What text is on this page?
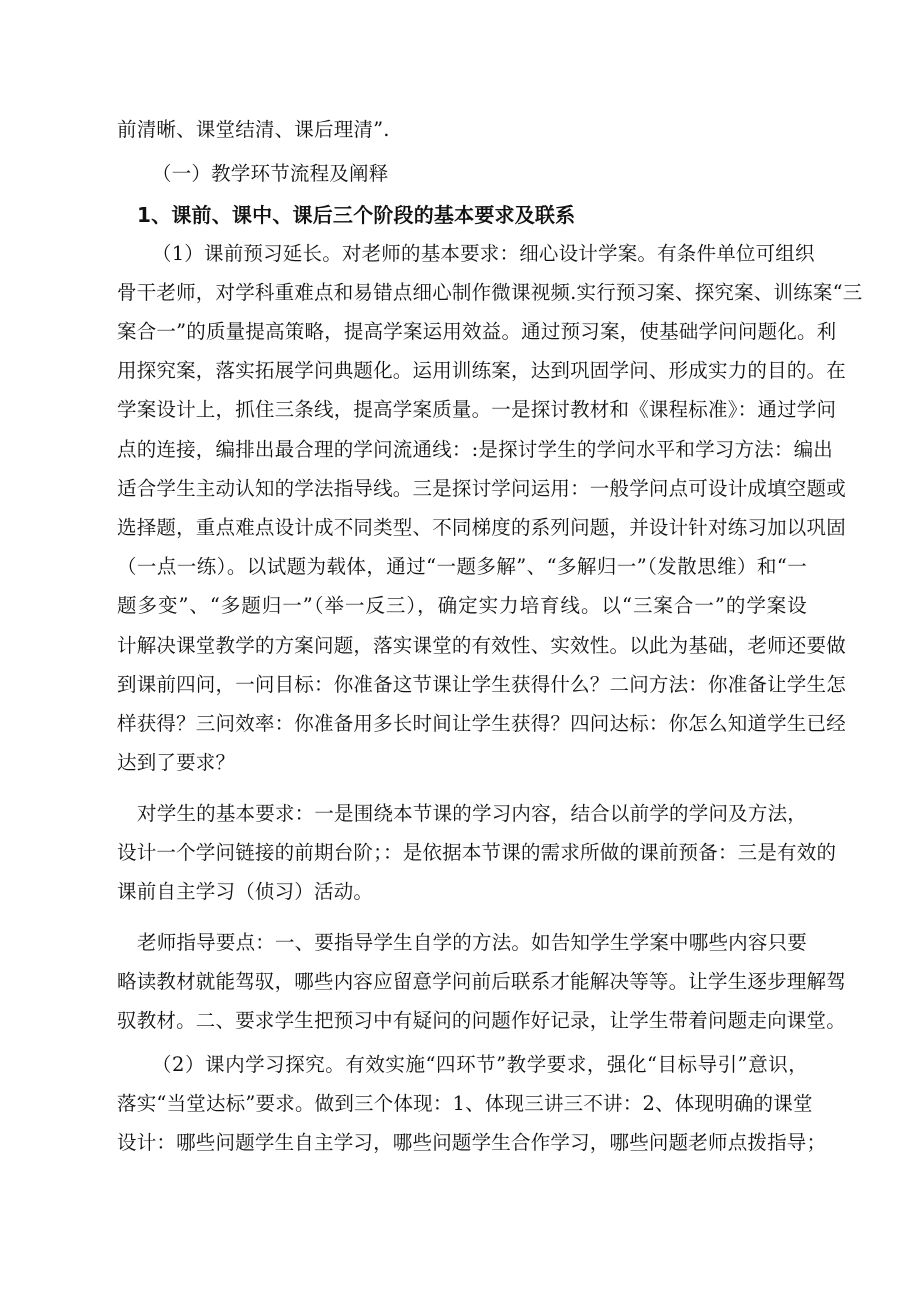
前清晰、课堂结清、课后理清”.
（一）教学环节流程及阐释
1、课前、课中、课后三个阶段的基本要求及联系
（1）课前预习延长。对老师的基本要求：细心设计学案。有条件单位可组织
骨干老师，对学科重难点和易错点细心制作微课视频.实行预习案、探究案、训练案“三
案合一”的质量提高策略，提高学案运用效益。通过预习案，使基础学问问题化。利
用探究案，落实拓展学问典题化。运用训练案，达到巩固学问、形成实力的目的。在
学案设计上，抓住三条线，提高学案质量。一是探讨教材和《课程标准》：通过学问
点的连接，编排出最合理的学问流通线：:是探讨学生的学问水平和学习方法：编出
适合学生主动认知的学法指导线。三是探讨学问运用：一般学问点可设计成填空题或
选择题，重点难点设计成不同类型、不同梯度的系列问题，并设计针对练习加以巩固
（一点一练）。以试题为载体，通过“一题多解”、“多解归一”（发散思维）和“一
题多变”、“多题归一”（举一反三），确定实力培育线。以“三案合一”的学案设
计解决课堂教学的方案问题，落实课堂的有效性、实效性。以此为基础，老师还要做
到课前四问，一问目标：你准备这节课让学生获得什么？二问方法：你准备让学生怎
样获得？三问效率：你准备用多长时间让学生获得？四问达标：你怎么知道学生已经
达到了要求？
对学生的基本要求：一是围绕本节课的学习内容，结合以前学的学问及方法，
设计一个学问链接的前期台阶；：是依据本节课的需求所做的课前预备：三是有效的
课前自主学习（侦习）活动。
老师指导要点：一、要指导学生自学的方法。如告知学生学案中哪些内容只要
略读教材就能驾驭，哪些内容应留意学问前后联系才能解决等等。让学生逐步理解驾
驭教材。二、要求学生把预习中有疑问的问题作好记录，让学生带着问题走向课堂。
（2）课内学习探究。有效实施“四环节”教学要求，强化“目标导引”意识，
落实“当堂达标”要求。做到三个体现：1、体现三讲三不讲：2、体现明确的课堂
设计：哪些问题学生自主学习，哪些问题学生合作学习，哪些问题老师点拨指导；
